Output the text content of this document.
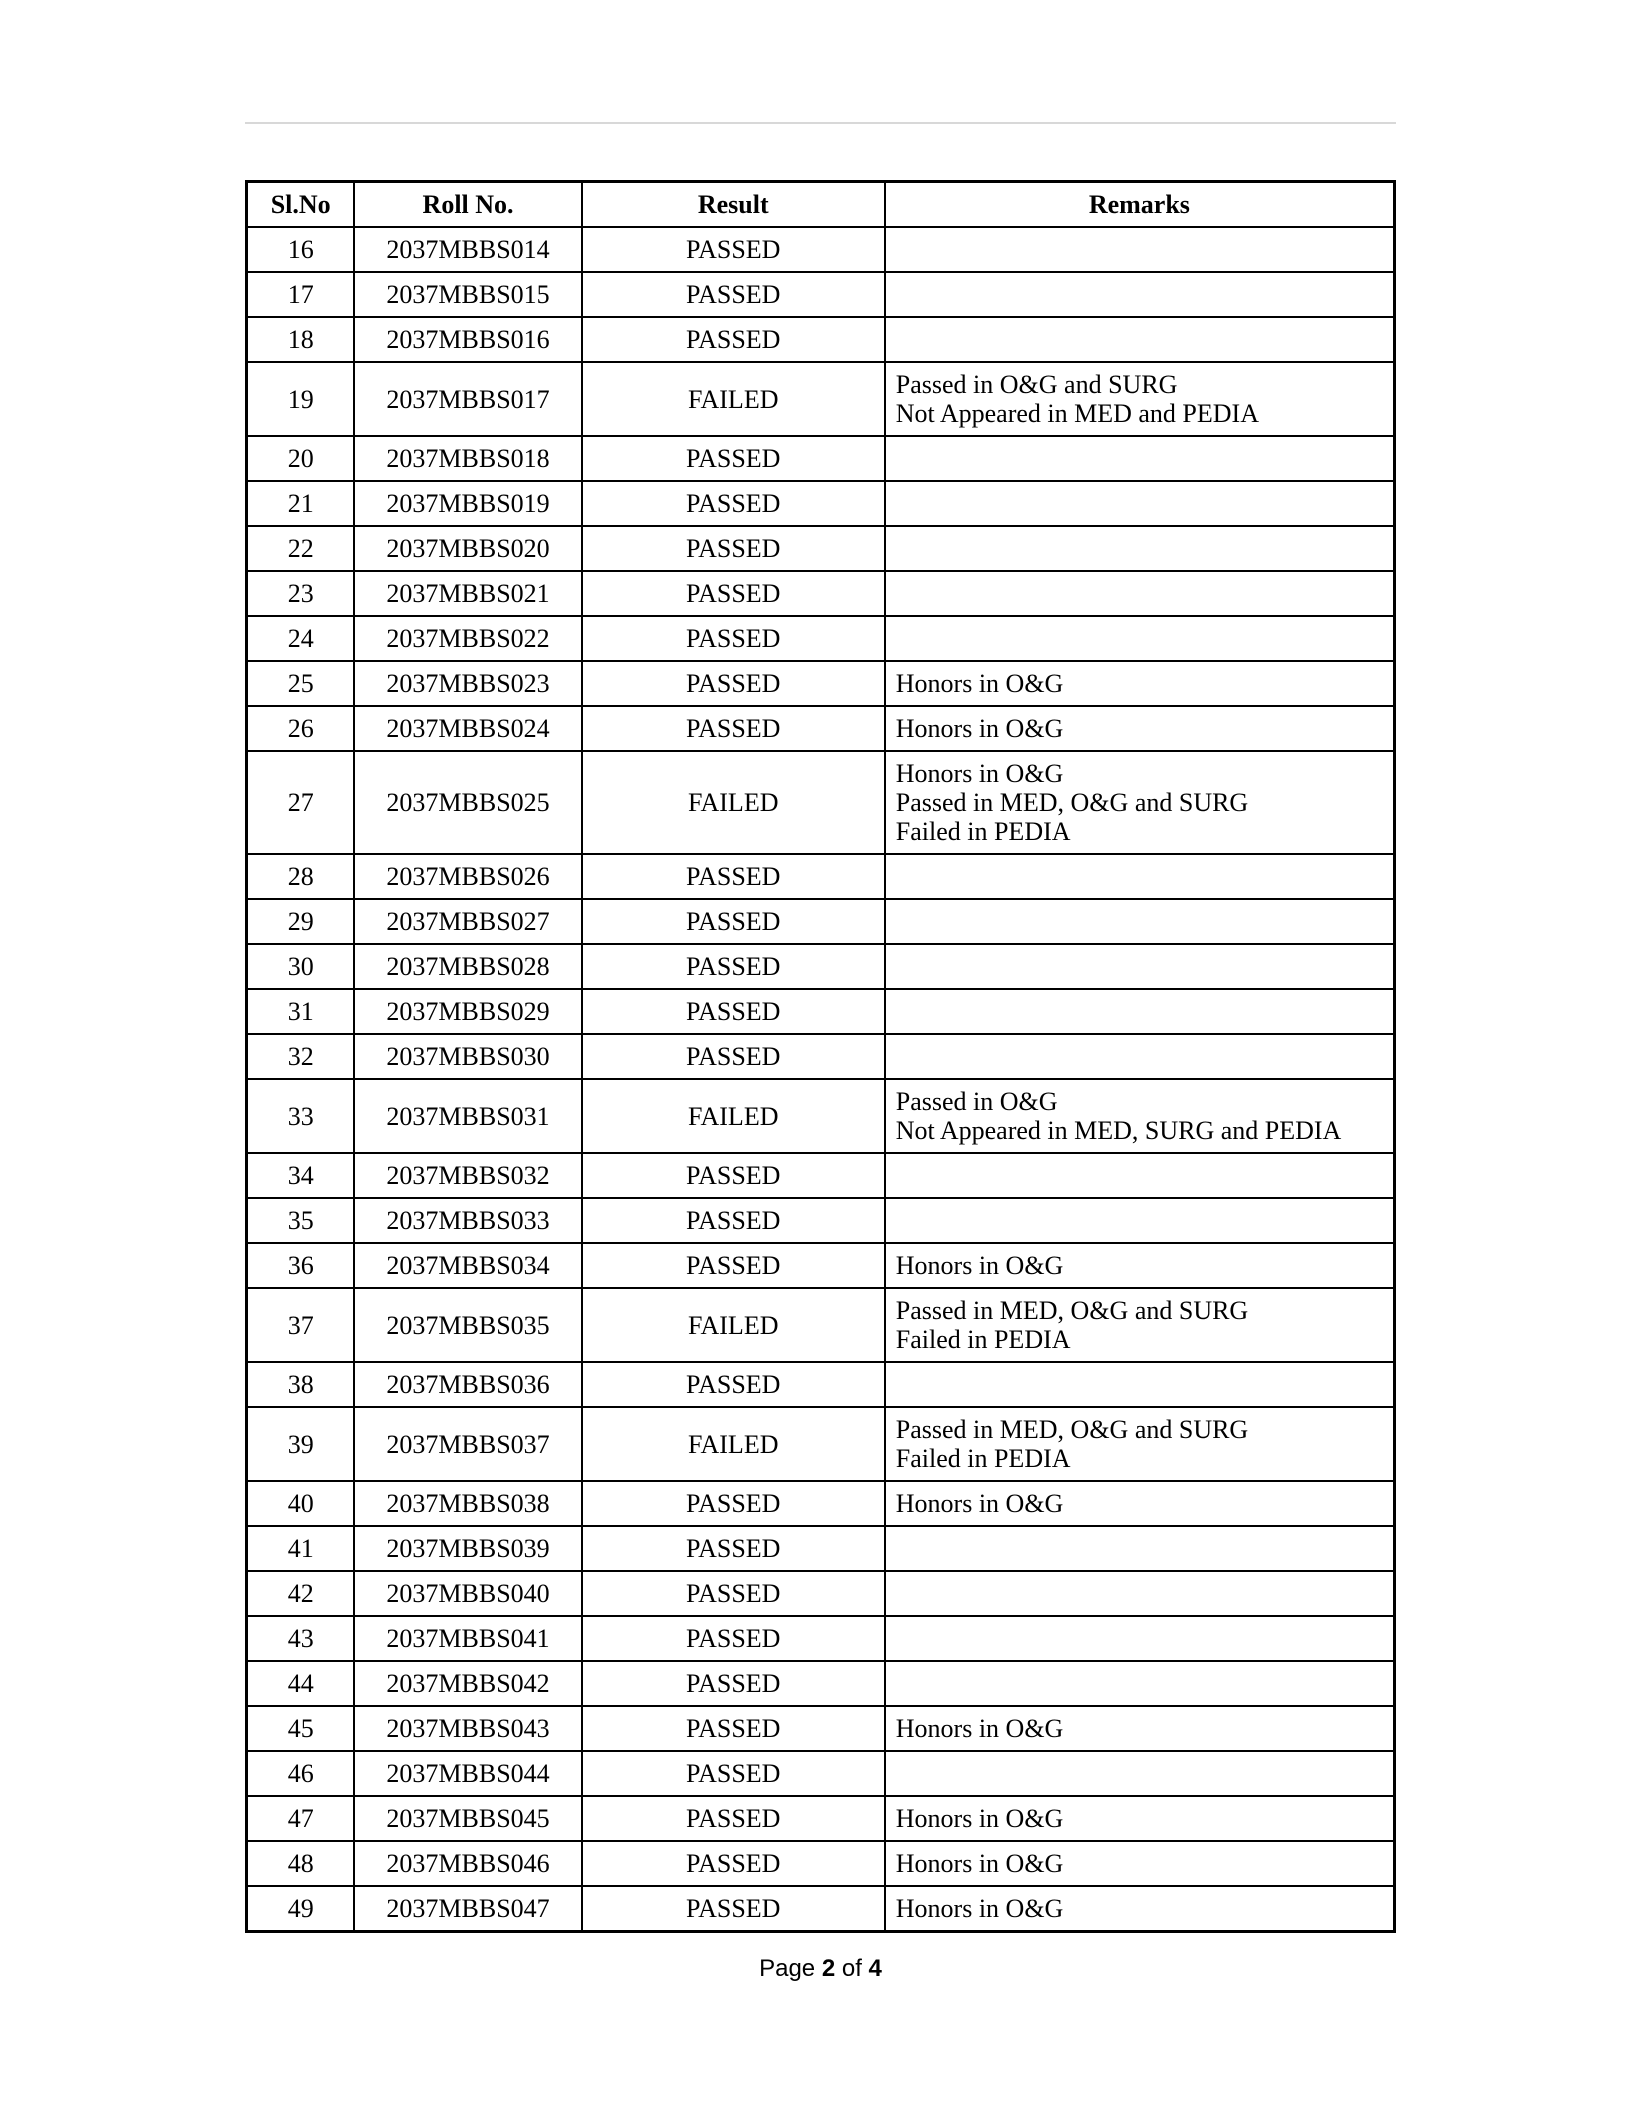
Sl.No	Roll No.	Result	Remarks
16	2037MBBS014	PASSED	
17	2037MBBS015	PASSED	
18	2037MBBS016	PASSED	
19	2037MBBS017	FAILED	Passed in O&G and SURG
Not Appeared in MED and PEDIA

20	2037MBBS018	PASSED	
21	2037MBBS019	PASSED	
22	2037MBBS020	PASSED	
23	2037MBBS021	PASSED	
24	2037MBBS022	PASSED	
25	2037MBBS023	PASSED	Honors in O&G

26	2037MBBS024	PASSED	Honors in O&G

27	2037MBBS025	FAILED	Honors in O&G
Passed in MED, O&G and SURG
Failed in PEDIA

28	2037MBBS026	PASSED	
29	2037MBBS027	PASSED	
30	2037MBBS028	PASSED	
31	2037MBBS029	PASSED	
32	2037MBBS030	PASSED	
33	2037MBBS031	FAILED	Passed in O&G
Not Appeared in MED, SURG and PEDIA

34	2037MBBS032	PASSED	
35	2037MBBS033	PASSED	
36	2037MBBS034	PASSED	Honors in O&G

37	2037MBBS035	FAILED	Passed in MED, O&G and SURG
Failed in PEDIA

38	2037MBBS036	PASSED	
39	2037MBBS037	FAILED	Passed in MED, O&G and SURG
Failed in PEDIA

40	2037MBBS038	PASSED	Honors in O&G

41	2037MBBS039	PASSED	
42	2037MBBS040	PASSED	
43	2037MBBS041	PASSED	
44	2037MBBS042	PASSED	
45	2037MBBS043	PASSED	Honors in O&G

46	2037MBBS044	PASSED	
47	2037MBBS045	PASSED	Honors in O&G

48	2037MBBS046	PASSED	Honors in O&G

49	2037MBBS047	PASSED	Honors in O&G
Page 2 of 4
